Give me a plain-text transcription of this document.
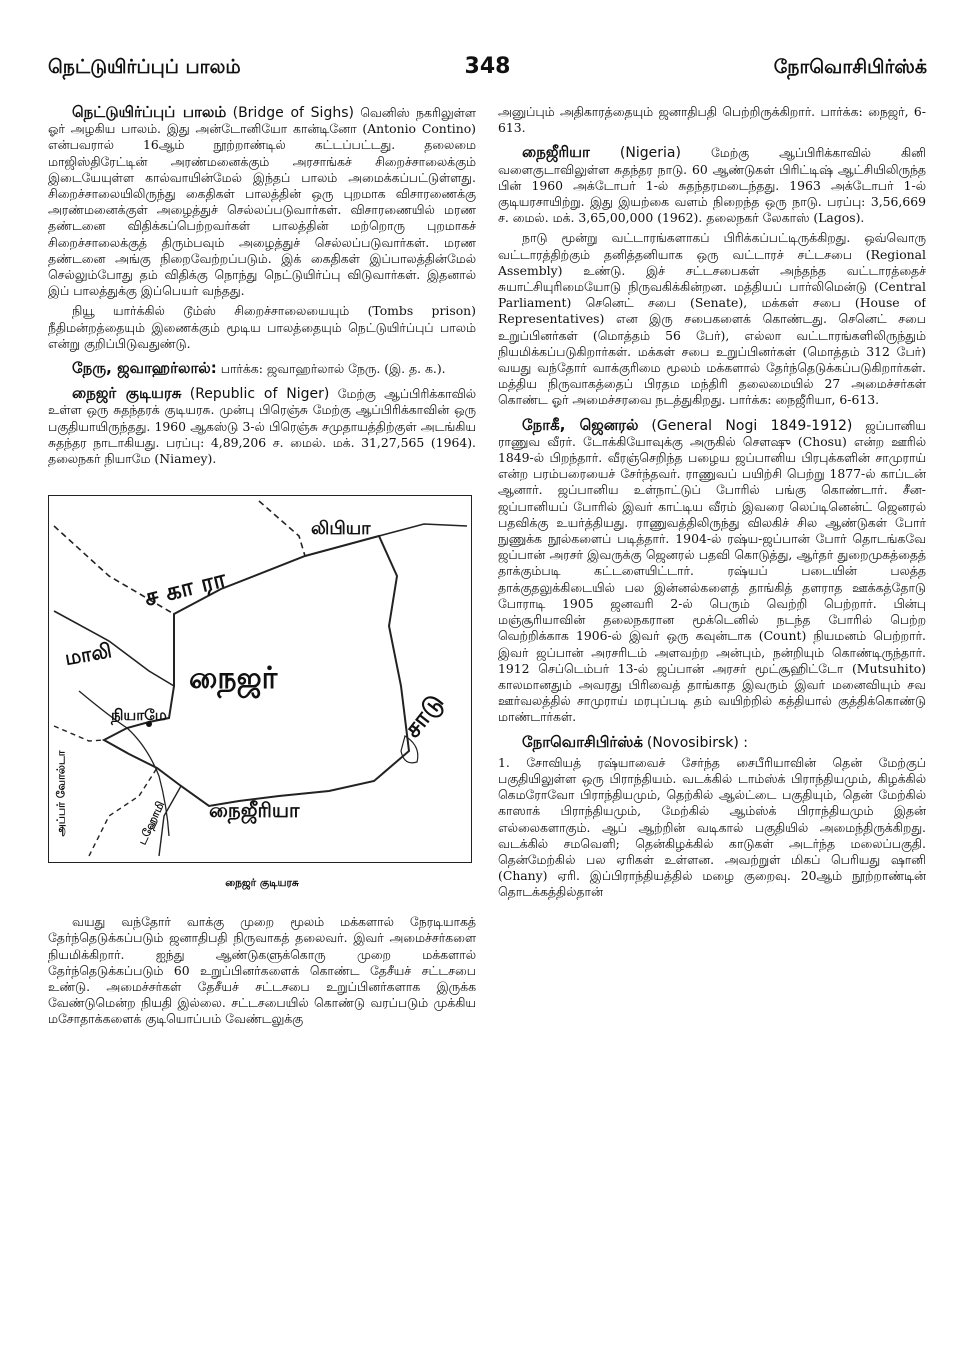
நெட்டுயிர்ப்புப் பாலம்	348	நோவொசிபிர்ஸ்க்

நெட்டுயிர்ப்புப் பாலம் (Bridge of Sighs) வெனிஸ் நகரிலுள்ள ஓர் அழகிய பாலம். இது அன்டோனியோ கான்டினோ (Antonio Contino) என்பவரால் 16ஆம் நூற்றாண்டில் கட்டப்பட்டது. தலைமை மாஜிஸ்திரேட்டின் அரண்மனைக்கும் அரசாங்கச் சிறைச்சாலைக்கும் இடையேயுள்ள கால்வாயின்மேல் இந்தப் பாலம் அமைக்கப்பட்டுள்ளது. சிறைச்சாலையிலிருந்து கைதிகள் பாலத்தின் ஒரு புறமாக விசாரணைக்கு அரண்மனைக்குள் அழைத்துச் செல்லப்படுவார்கள். விசாரணையில் மரண தண்டனை விதிக்கப்பெற்றவர்கள் பாலத்தின் மற்றொரு புறமாகச் சிறைச்சாலைக்குத் திரும்பவும் அழைத்துச் செல்லப்படுவார்கள். மரண தண்டனை அங்கு நிறைவேற்றப்படும். இக் கைதிகள் இப்பாலத்தின்மேல் செல்லும்போது தம் விதிக்கு நொந்து நெட்டுயிர்ப்பு விடுவார்கள். இதனால் இப் பாலத்துக்கு இப்பெயர் வந்தது.

நியூ யார்க்கில் டூம்ஸ் சிறைச்சாலையையும் (Tombs prison) நீதிமன்றத்தையும் இணைக்கும் மூடிய பாலத்தையும் நெட்டுயிர்ப்புப் பாலம் என்று குறிப்பிடுவதுண்டு.

நேரு, ஜவாஹர்லால்: பார்க்க: ஜவாஹர்லால் நேரு. (இ. த. க.).

நைஜர் குடியரசு (Republic of Niger) மேற்கு ஆப்பிரிக்காவில் உள்ள ஒரு சுதந்தரக் குடியரசு. முன்பு பிரெஞ்சு மேற்கு ஆப்பிரிக்காவின் ஒரு பகுதியாயிருந்தது. 1960 ஆகஸ்டு 3-ல் பிரெஞ்சு சமுதாயத்திற்குள் அடங்கிய சுதந்தர நாடாகியது. பரப்பு: 4,89,206 ச. மைல். மக். 31,27,565 (1964). தலைநகர் நியாமே (Niamey).

ச கா ரா
லிபியா
மாலி
நைஜர்
சாடு
நியாமே
நைஜீரியா
அப்பர் வோல்டா	டஹோமி
நைஜர் குடியரசு

வயது வந்தோர் வாக்கு முறை மூலம் மக்களால் நேரடியாகத் தேர்ந்தெடுக்கப்படும் ஜனாதிபதி நிருவாகத் தலைவர். இவர் அமைச்சர்களை நியமிக்கிறார். ஐந்து ஆண்டுகளுக்கொரு முறை மக்களால் தேர்ந்தெடுக்கப்படும் 60 உறுப்பினர்களைக் கொண்ட தேசீயச் சட்டசபை உண்டு. அமைச்சர்கள் தேசீயச் சட்டசபை உறுப்பினர்களாக இருக்க வேண்டுமென்ற நியதி இல்லை. சட்டசபையில் கொண்டு வரப்படும் முக்கிய மசோதாக்களைக் குடியொப்பம் வேண்டலுக்கு

அனுப்பும் அதிகாரத்தையும் ஜனாதிபதி பெற்றிருக்கிறார். பார்க்க: நைஜர், 6-613.

நைஜீரியா (Nigeria) மேற்கு ஆப்பிரிக்காவில் கினி வளைகுடாவிலுள்ள சுதந்தர நாடு. 60 ஆண்டுகள் பிரிட்டிஷ் ஆட்சியிலிருந்த பின் 1960 அக்டோபர் 1-ல் சுதந்தரமடைந்தது. 1963 அக்டோபர் 1-ல் குடியரசாயிற்று. இது இயற்கை வளம் நிறைந்த ஒரு நாடு. பரப்பு: 3,56,669 ச. மைல். மக். 3,65,00,000 (1962). தலைநகர் லேகாஸ் (Lagos).

நாடு மூன்று வட்டாரங்களாகப் பிரிக்கப்பட்டிருக்கிறது. ஒவ்வொரு வட்டாரத்திற்கும் தனித்தனியாக ஒரு வட்டாரச் சட்டசபை (Regional Assembly) உண்டு. இச் சட்டசபைகள் அந்தந்த வட்டாரத்தைச் சுயாட்சியுரிமையோடு நிருவகிக்கின்றன. மத்தியப் பார்லிமென்டு (Central Parliament) செனெட் சபை (Senate), மக்கள் சபை (House of Representatives) என இரு சபைகளைக் கொண்டது. செனெட் சபை உறுப்பினர்கள் (மொத்தம் 56 பேர்), எல்லா வட்டாரங்களிலிருந்தும் நியமிக்கப்படுகிறார்கள். மக்கள் சபை உறுப்பினர்கள் (மொத்தம் 312 பேர்) வயது வந்தோர் வாக்குரிமை மூலம் மக்களால் தேர்ந்தெடுக்கப்படுகிறார்கள். மத்திய நிருவாகத்தைப் பிரதம மந்திரி தலைமையில் 27 அமைச்சர்கள் கொண்ட ஓர் அமைச்சரவை நடத்துகிறது. பார்க்க: நைஜீரியா, 6-613.

நோகீ, ஜெனரல் (General Nogi 1849-1912) ஜப்பானிய ராணுவ வீரர். டோக்கியோவுக்கு அருகில் சௌஷு (Chosu) என்ற ஊரில் 1849-ல் பிறந்தார். வீரஞ்செறிந்த பழைய ஜப்பானிய பிரபுக்களின் சாமுராய் என்ற பரம்பரையைச் சேர்ந்தவர். ராணுவப் பயிற்சி பெற்று 1877-ல் காப்டன் ஆனார். ஜப்பானிய உள்நாட்டுப் போரில் பங்கு கொண்டார். சீன-ஜப்பானியப் போரில் இவர் காட்டிய வீரம் இவரை லெப்டினென்ட் ஜெனரல் பதவிக்கு உயர்த்தியது. ராணுவத்திலிருந்து விலகிச் சில ஆண்டுகள் போர் நுணுக்க நூல்களைப் படித்தார். 1904-ல் ரஷ்ய-ஜப்பான் போர் தொடங்கவே ஜப்பான் அரசர் இவருக்கு ஜெனரல் பதவி கொடுத்து, ஆர்தர் துறைமுகத்தைத் தாக்கும்படி கட்டளையிட்டார். ரஷ்யப் படையின் பலத்த தாக்குதலுக்கிடையில் பல இன்னல்களைத் தாங்கித் தளராத ஊக்கத்தோடு போராடி 1905 ஜனவரி 2-ல் பெரும் வெற்றி பெற்றார். பின்பு மஞ்சூரியாவின் தலைநகரான மூக்டெனில் நடந்த போரில் பெற்ற வெற்றிக்காக 1906-ல் இவர் ஒரு கவுன்டாக (Count) நியமனம் பெற்றார். இவர் ஜப்பான் அரசரிடம் அளவற்ற அன்பும், நன்றியும் கொண்டிருந்தார். 1912 செப்டெம்பர் 13-ல் ஜப்பான் அரசர் மூட்சூஹிட்டோ (Mutsuhito) காலமானதும் அவரது பிரிவைத் தாங்காத இவரும் இவர் மனைவியும் சவ ஊர்வலத்தில் சாமுராய் மரபுப்படி தம் வயிற்றில் கத்தியால் குத்திக்கொண்டு மாண்டார்கள்.

நோவொசிபிர்ஸ்க் (Novosibirsk) :

1. சோவியத் ரஷ்யாவைச் சேர்ந்த சைபீரியாவின் தென் மேற்குப் பகுதியிலுள்ள ஒரு பிராந்தியம். வடக்கில் டாம்ஸ்க் பிராந்தியமும், கிழக்கில் கெமரோவோ பிராந்தியமும், தெற்கில் ஆல்ட்டை பகுதியும், தென் மேற்கில் காஸாக் பிராந்தியமும், மேற்கில் ஆம்ஸ்க் பிராந்தியமும் இதன் எல்லைகளாகும். ஆப் ஆற்றின் வடிகால் பகுதியில் அமைந்திருக்கிறது. வடக்கில் சமவெளி; தென்கிழக்கில் காடுகள் அடர்ந்த மலைப்பகுதி. தென்மேற்கில் பல ஏரிகள் உள்ளன. அவற்றுள் மிகப் பெரியது ஷானி (Chany) ஏரி. இப்பிராந்தியத்தில் மழை குறைவு. 20ஆம் நூற்றாண்டின் தொடக்கத்தில்தான்
